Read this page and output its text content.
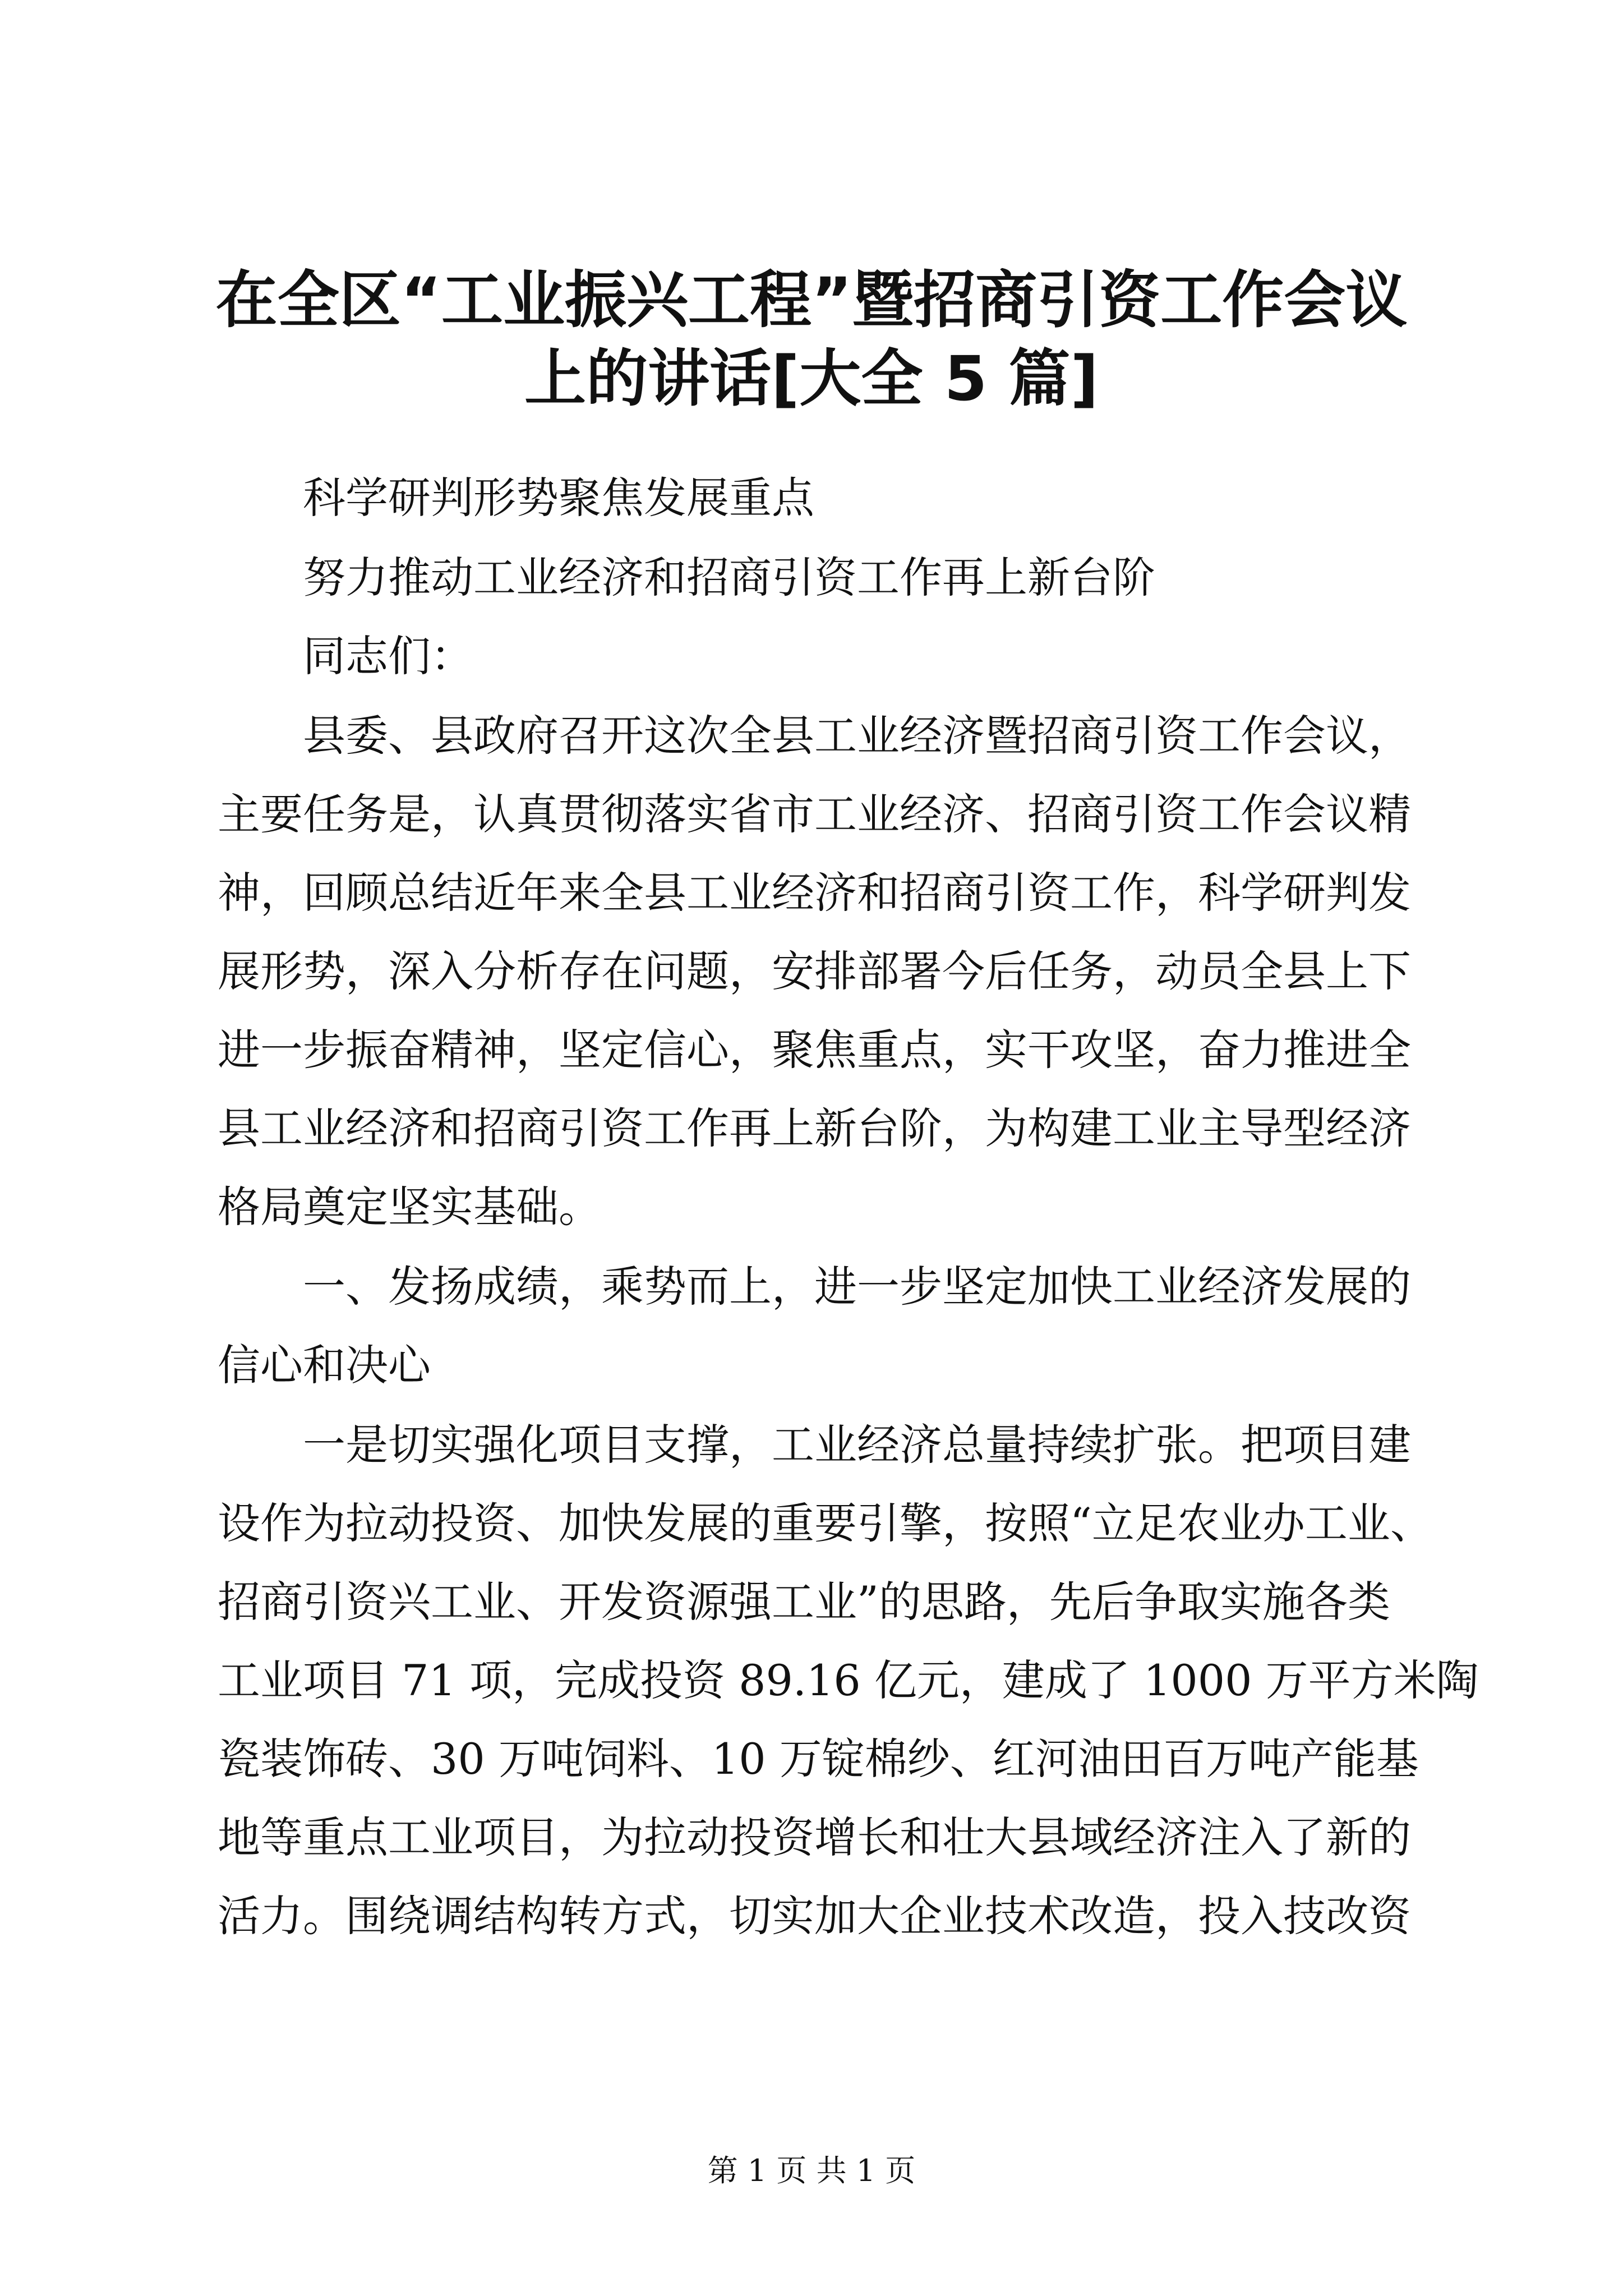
在全区“工业振兴工程”暨招商引资工作会议
上的讲话[大全 5 篇]
科学研判形势聚焦发展重点
努力推动工业经济和招商引资工作再上新台阶
同志们：
县委、县政府召开这次全县工业经济暨招商引资工作会议，
主要任务是，认真贯彻落实省市工业经济、招商引资工作会议精
神，回顾总结近年来全县工业经济和招商引资工作，科学研判发
展形势，深入分析存在问题，安排部署今后任务，动员全县上下
进一步振奋精神，坚定信心，聚焦重点，实干攻坚，奋力推进全
县工业经济和招商引资工作再上新台阶，为构建工业主导型经济
格局奠定坚实基础。
一、发扬成绩，乘势而上，进一步坚定加快工业经济发展的
信心和决心
一是切实强化项目支撑，工业经济总量持续扩张。把项目建
设作为拉动投资、加快发展的重要引擎，按照“立足农业办工业、
招商引资兴工业、开发资源强工业”的思路，先后争取实施各类
工业项目 71 项，完成投资 89.16 亿元，建成了 1000 万平方米陶
瓷装饰砖、30 万吨饲料、10 万锭棉纱、红河油田百万吨产能基
地等重点工业项目，为拉动投资增长和壮大县域经济注入了新的
活力。围绕调结构转方式，切实加大企业技术改造，投入技改资
第 1 页 共 1 页
